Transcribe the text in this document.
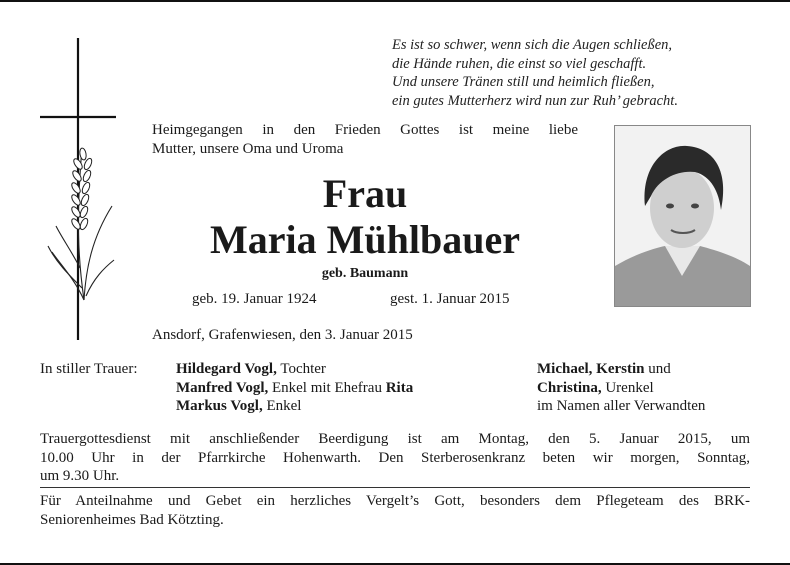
Es ist so schwer, wenn sich die Augen schließen,
die Hände ruhen, die einst so viel geschafft.
Und unsere Tränen still und heimlich fließen,
ein gutes Mutterherz wird nun zur Ruh’ gebracht.
Heimgegangen in den Frieden Gottes ist meine liebe
Mutter, unsere Oma und Uroma
Frau
Maria Mühlbauer
geb. Baumann
geb. 19. Januar 1924	gest. 1. Januar 2015
Ansdorf, Grafenwiesen, den 3. Januar 2015
In stiller Trauer:	Hildegard Vogl, Tochter
Manfred Vogl, Enkel mit Ehefrau Rita
Markus Vogl, Enkel
Michael, Kerstin und
Christina, Urenkel
im Namen aller Verwandten
Trauergottesdienst mit anschließender Beerdigung ist am Montag, den 5. Januar 2015, um
10.00 Uhr in der Pfarrkirche Hohenwarth. Den Sterberosenkranz beten wir morgen, Sonntag,
um 9.30 Uhr.
Für Anteilnahme und Gebet ein herzliches Vergelt’s Gott, besonders dem Pflegeteam des BRK-
Seniorenheimes Bad Kötzting.
